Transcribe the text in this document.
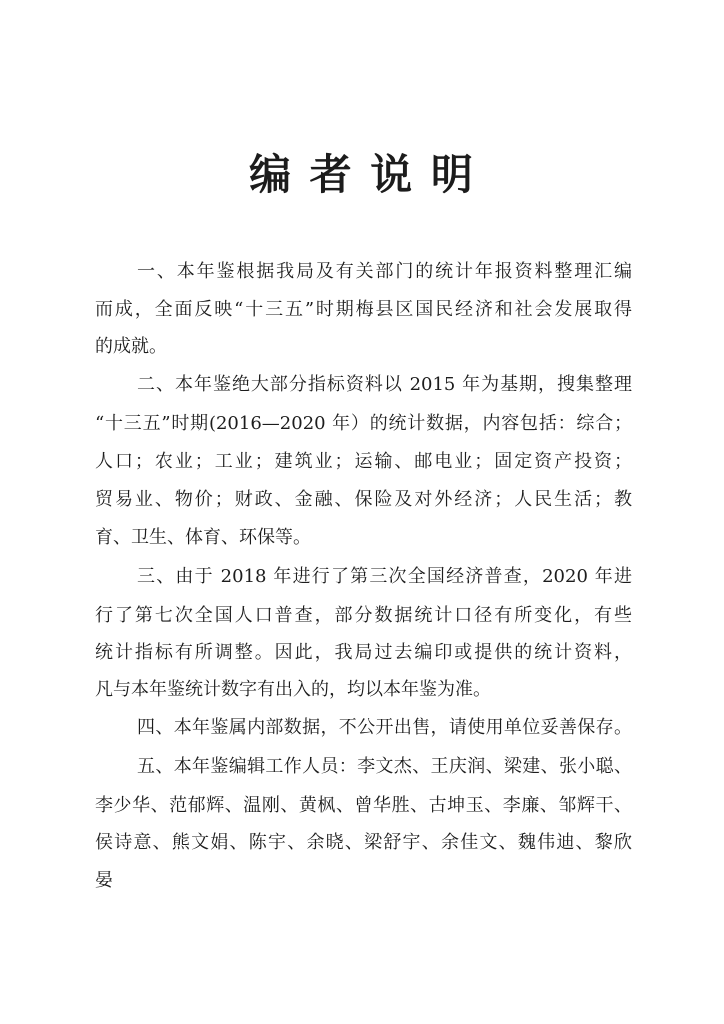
编 者 说 明
一、本年鉴根据我局及有关部门的统计年报资料整理汇编
而成，全面反映“十三五”时期梅县区国民经济和社会发展取得
的成就。
二、本年鉴绝大部分指标资料以 2015 年为基期，搜集整理
“十三五”时期(2016—2020 年）的统计数据，内容包括：综合；
人口；农业；工业；建筑业；运输、邮电业；固定资产投资；
贸易业、物价；财政、金融、保险及对外经济；人民生活；教
育、卫生、体育、环保等。
三、由于 2018 年进行了第三次全国经济普查，2020 年进
行了第七次全国人口普查，部分数据统计口径有所变化，有些
统计指标有所调整。因此，我局过去编印或提供的统计资料，
凡与本年鉴统计数字有出入的，均以本年鉴为准。
四、本年鉴属内部数据，不公开出售，请使用单位妥善保存。
五、本年鉴编辑工作人员：李文杰、王庆润、梁建、张小聪、
李少华、范郁辉、温刚、黄枫、曾华胜、古坤玉、李廉、邹辉干、
侯诗意、熊文娟、陈宇、余晓、梁舒宇、余佳文、魏伟迪、黎欣
晏
